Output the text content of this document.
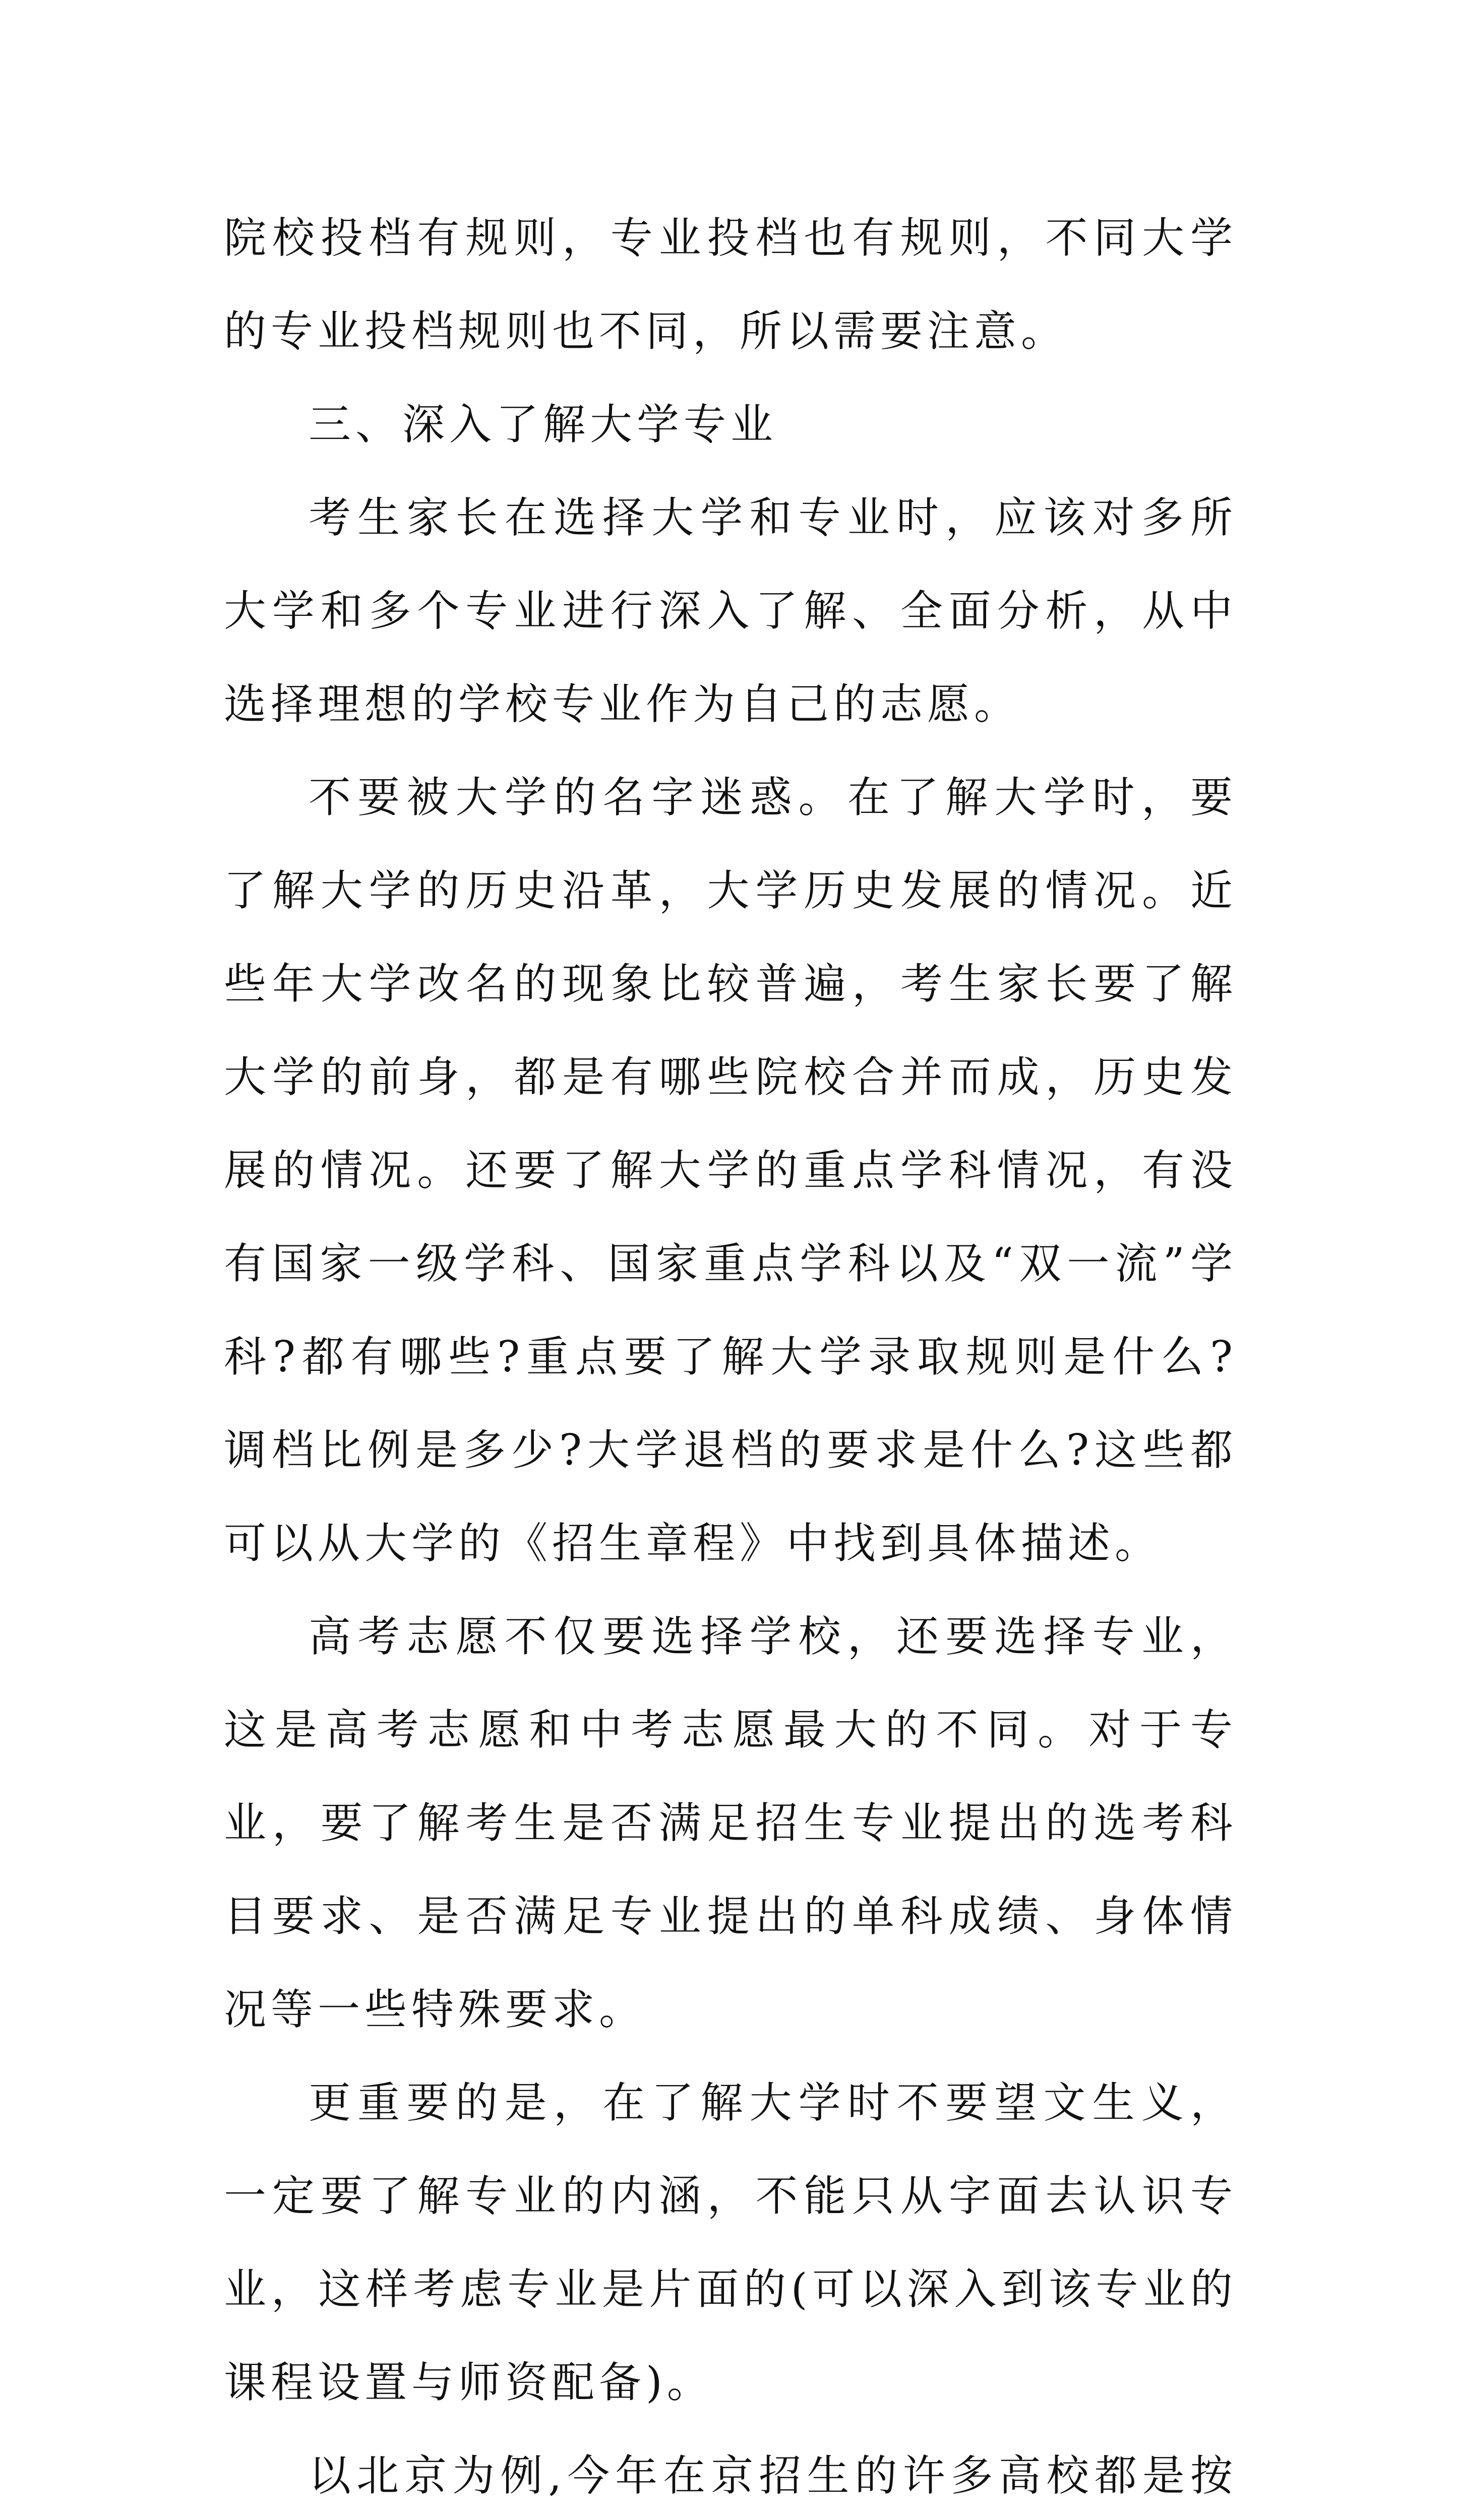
院校投档有规则，专业投档也有规则，不同大学的专业投档规则也不同，所以需要注意。

三、深入了解大学专业

考生家长在选择大学和专业时，应该对多所大学和多个专业进行深入了解、全面分析，从中选择理想的学校专业作为自己的志愿。

不要被大学的名字迷惑。在了解大学时，要了解大学的历史沿革，大学历史发展的情况。近些年大学改名的现象比较普遍，考生家长要了解大学的前身，都是有哪些院校合并而成，历史发展的情况。还要了解大学的重点学科情况，有没有国家一级学科、国家重点学科以及“双一流”学科?都有哪些?重点要了解大学录取规则是什么?调档比例是多少?大学退档的要求是什么?这些都可以从大学的《招生章程》中找到具体描述。

高考志愿不仅要选择学校，还要选择专业，这是高考志愿和中考志愿最大的不同。对于专业，要了解考生是否满足招生专业提出的选考科目要求、是否满足专业提出的单科成绩、身体情况等一些特殊要求。

更重要的是，在了解大学时不要望文生义，一定要了解专业的内涵，不能只从字面去认识专业，这样考虑专业是片面的(可以深入到该专业的课程设置与师资配备)。

以北京为例,今年在京招生的许多高校都是按
